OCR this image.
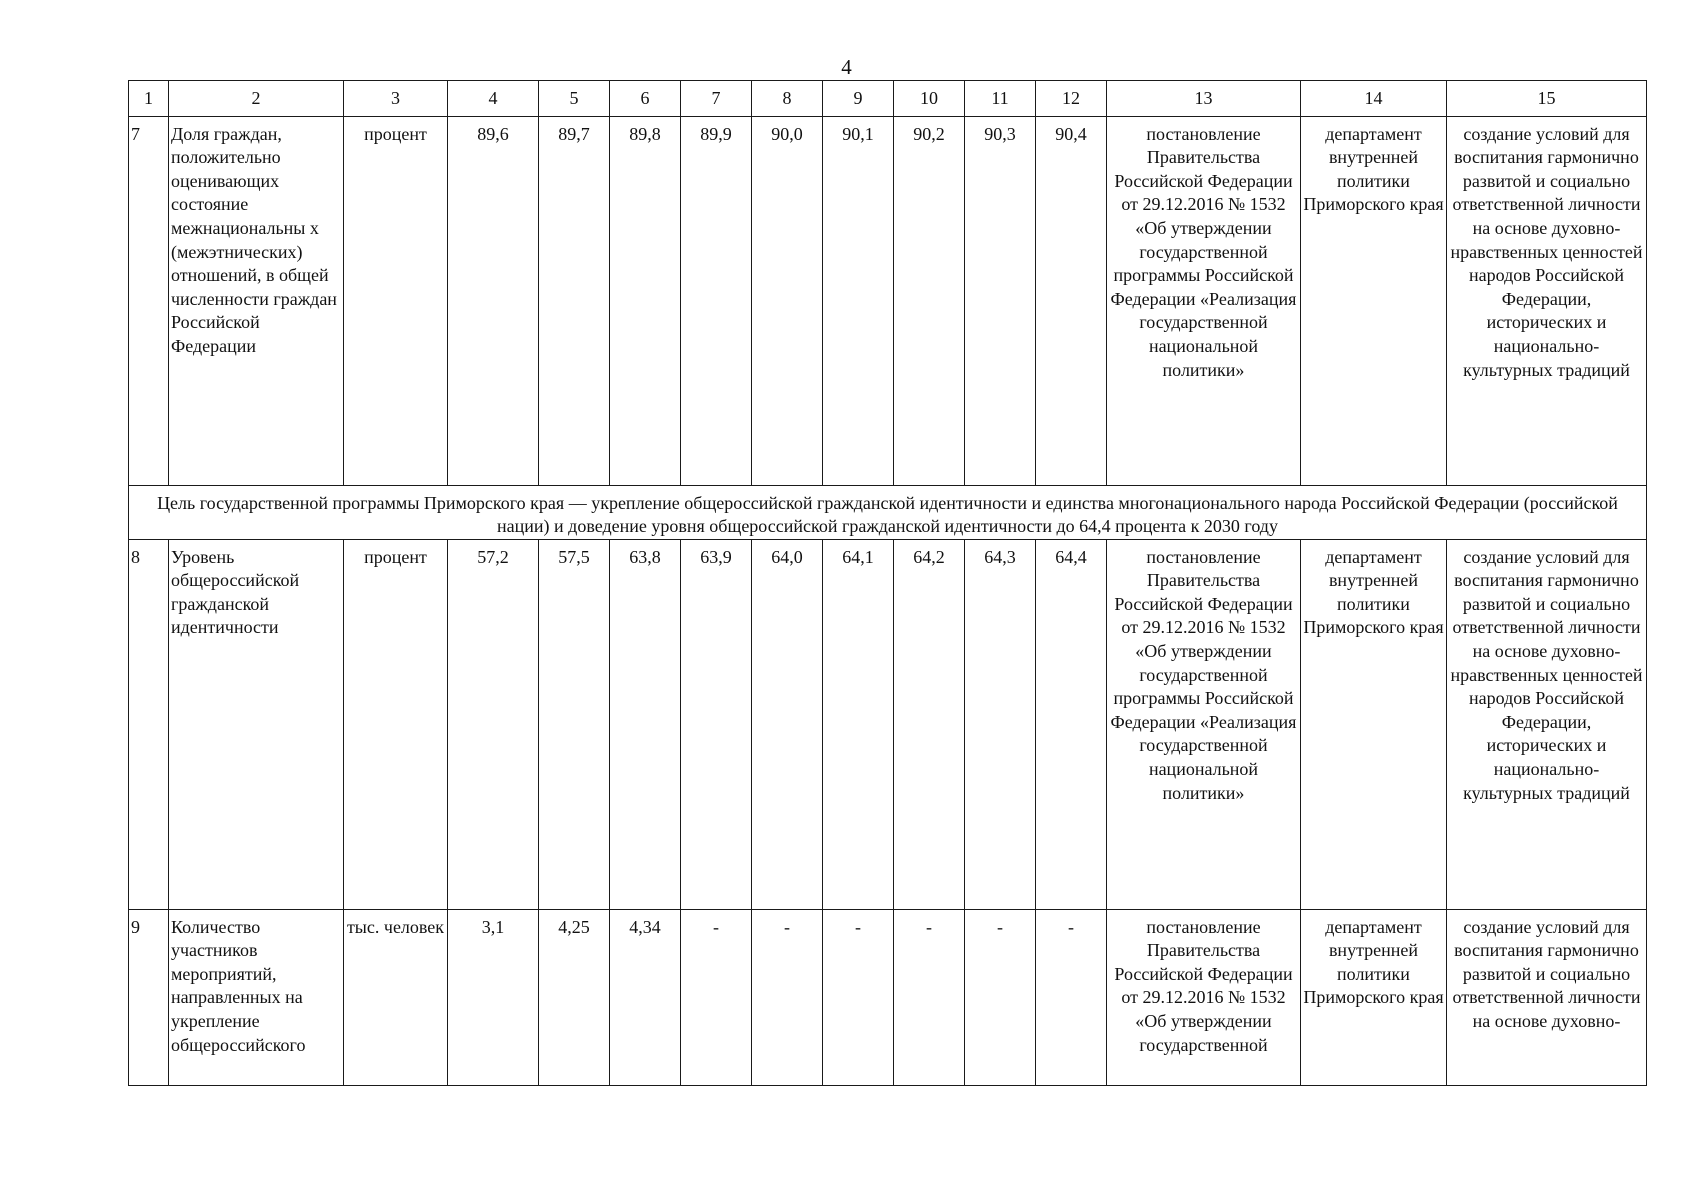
4
1	2	3	4	5	6	7	8	9	10	11	12	13	14	15
7	Доля граждан, положительно оценивающих состояние межнациональны х (межэтнических) отношений, в общей численности граждан Российской Федерации	процент	89,6	89,7	89,8	89,9	90,0	90,1	90,2	90,3	90,4	постановление Правительства Российской Федерации от 29.12.2016 № 1532 «Об утверждении государственной программы Российской Федерации «Реализация государственной национальной политики»	департамент внутренней политики Приморского края	создание условий для воспитания гармонично развитой и социально ответственной личности на основе духовно-нравственных ценностей народов Российской Федерации, исторических и национально-культурных традиций
Цель государственной программы Приморского края — укрепление общероссийской гражданской идентичности и единства многонационального народа Российской Федерации (российской нации) и доведение уровня общероссийской гражданской идентичности до 64,4 процента к 2030 году														
8	Уровень общероссийской гражданской идентичности	процент	57,2	57,5	63,8	63,9	64,0	64,1	64,2	64,3	64,4	постановление Правительства Российской Федерации от 29.12.2016 № 1532 «Об утверждении государственной программы Российской Федерации «Реализация государственной национальной политики»	департамент внутренней политики Приморского края	создание условий для воспитания гармонично развитой и социально ответственной личности на основе духовно-нравственных ценностей народов Российской Федерации, исторических и национально-культурных традиций
9	Количество участников мероприятий, направленных на укрепление общероссийского	тыс. человек	3,1	4,25	4,34	-	-	-	-	-	-	постановление Правительства Российской Федерации от 29.12.2016 № 1532 «Об утверждении государственной	департамент внутренней политики Приморского края	создание условий для воспитания гармонично развитой и социально ответственной личности на основе духовно-
